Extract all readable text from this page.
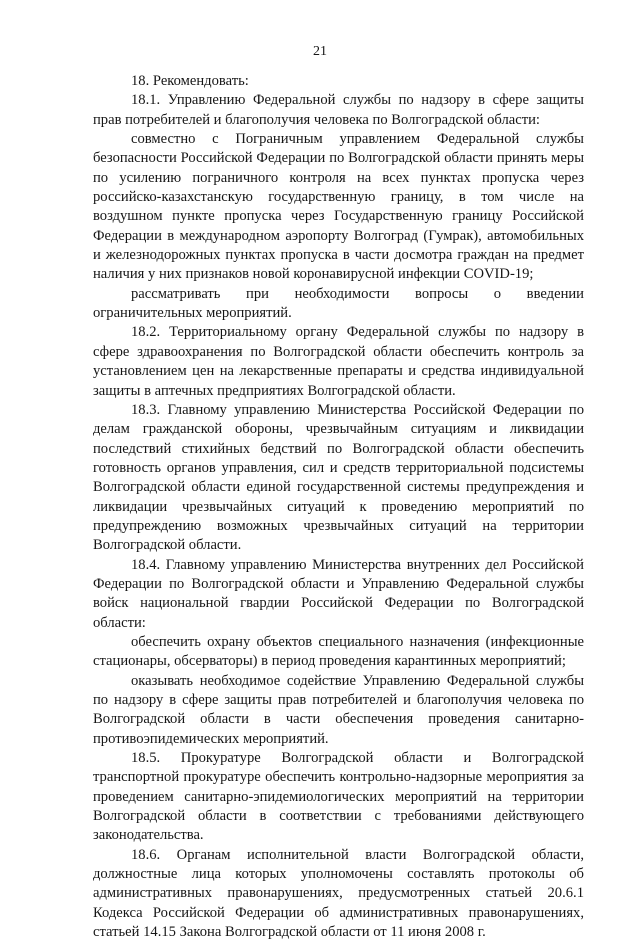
21

18. Рекомендовать:

18.1. Управлению Федеральной службы по надзору в сфере защиты прав потребителей и благополучия человека по Волгоградской области:

совместно с Пограничным управлением Федеральной службы безопасности Российской Федерации по Волгоградской области принять меры по усилению пограничного контроля на всех пунктах пропуска через российско-казахстанскую государственную границу, в том числе на воздушном пункте пропуска через Государственную границу Российской Федерации в международном аэропорту Волгоград (Гумрак), автомобильных и железнодорожных пунктах пропуска в части досмотра граждан на предмет наличия у них признаков новой коронавирусной инфекции COVID-19;

рассматривать при необходимости вопросы о введении ограничительных мероприятий.

18.2. Территориальному органу Федеральной службы по надзору в сфере здравоохранения по Волгоградской области обеспечить контроль за установлением цен на лекарственные препараты и средства индивидуальной защиты в аптечных предприятиях Волгоградской области.

18.3. Главному управлению Министерства Российской Федерации по делам гражданской обороны, чрезвычайным ситуациям и ликвидации последствий стихийных бедствий по Волгоградской области обеспечить готовность органов управления, сил и средств территориальной подсистемы Волгоградской области единой государственной системы предупреждения и ликвидации чрезвычайных ситуаций к проведению мероприятий по предупреждению возможных чрезвычайных ситуаций на территории Волгоградской области.

18.4. Главному управлению Министерства внутренних дел Российской Федерации по Волгоградской области и Управлению Федеральной службы войск национальной гвардии Российской Федерации по Волгоградской области:

обеспечить охрану объектов специального назначения (инфекционные стационары, обсерваторы) в период проведения карантинных мероприятий;

оказывать необходимое содействие Управлению Федеральной службы по надзору в сфере защиты прав потребителей и благополучия человека по Волгоградской области в части обеспечения проведения санитарно-противоэпидемических мероприятий.

18.5. Прокуратуре Волгоградской области и Волгоградской транспортной прокуратуре обеспечить контрольно-надзорные мероприятия за проведением санитарно-эпидемиологических мероприятий на территории Волгоградской области в соответствии с требованиями действующего законодательства.

18.6. Органам исполнительной власти Волгоградской области, должностные лица которых уполномочены составлять протоколы об административных правонарушениях, предусмотренных статьей 20.6.1 Кодекса Российской Федерации об административных правонарушениях, статьей 14.15 Закона Волгоградской области от 11 июня 2008 г.
